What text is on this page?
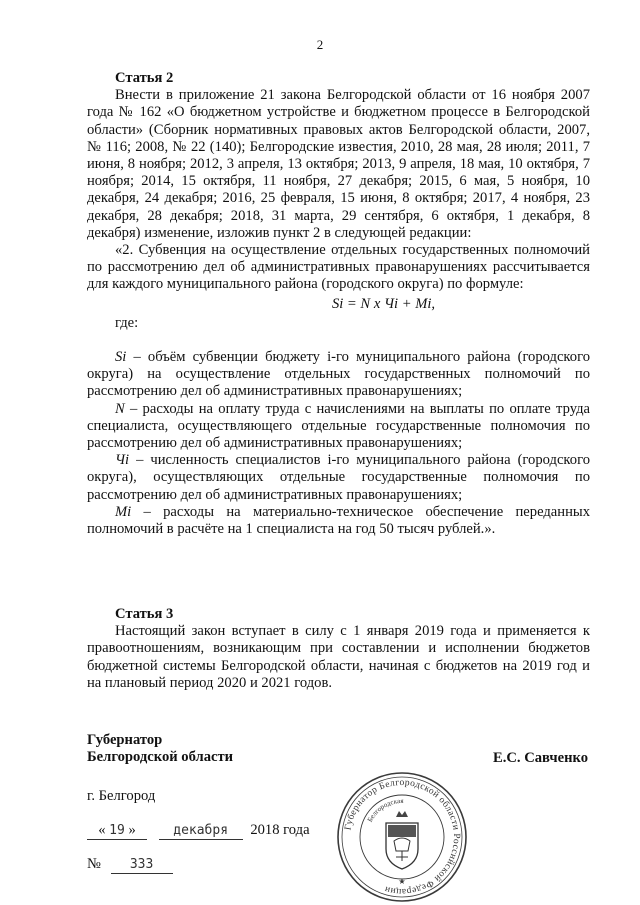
2

Статья 2

Внести в приложение 21 закона Белгородской области от 16 ноября 2007 года № 162 «О бюджетном устройстве и бюджетном процессе в Белгородской области» (Сборник нормативных правовых актов Белгородской области, 2007, № 116; 2008, № 22 (140); Белгородские известия, 2010, 28 мая, 28 июля; 2011, 7 июня, 8 ноября; 2012, 3 апреля, 13 октября; 2013, 9 апреля, 18 мая, 10 октября, 7 ноября; 2014, 15 октября, 11 ноября, 27 декабря; 2015, 6 мая, 5 ноября, 10 декабря, 24 декабря; 2016, 25 февраля, 15 июня, 8 октября; 2017, 4 ноября, 23 декабря, 28 декабря; 2018, 31 марта, 29 сентября, 6 октября, 1 декабря, 8 декабря) изменение, изложив пункт 2 в следующей редакции:

«2. Субвенция на осуществление отдельных государственных полномочий по рассмотрению дел об административных правонарушениях рассчитывается для каждого муниципального района (городского округа) по формуле:

Si = N x Чi + Mi,

где:

Si – объём субвенции бюджету i-го муниципального района (городского округа) на осуществление отдельных государственных полномочий по рассмотрению дел об административных правонарушениях;

N – расходы на оплату труда с начислениями на выплаты по оплате труда специалиста, осуществляющего отдельные государственные полномочия по рассмотрению дел об административных правонарушениях;

Чi – численность специалистов i-го муниципального района (городского округа), осуществляющих отдельные государственные полномочия по рассмотрению дел об административных правонарушениях;

Mi – расходы на материально-техническое обеспечение переданных полномочий в расчёте на 1 специалиста на год 50 тысяч рублей.».

Статья 3

Настоящий закон вступает в силу с 1 января 2019 года и применяется к правоотношениям, возникающим при составлении и исполнении бюджетов бюджетной системы Белгородской области, начиная с бюджетов на 2019 год и на плановый период 2020 и 2021 годов.

Губернатор
Белгородской области	Е.С. Савченко
г. Белгород
« 19 »	декабря 2018 года
№ 333
Губернатор Белгородской области Российской Федерации
Белгородская
★
